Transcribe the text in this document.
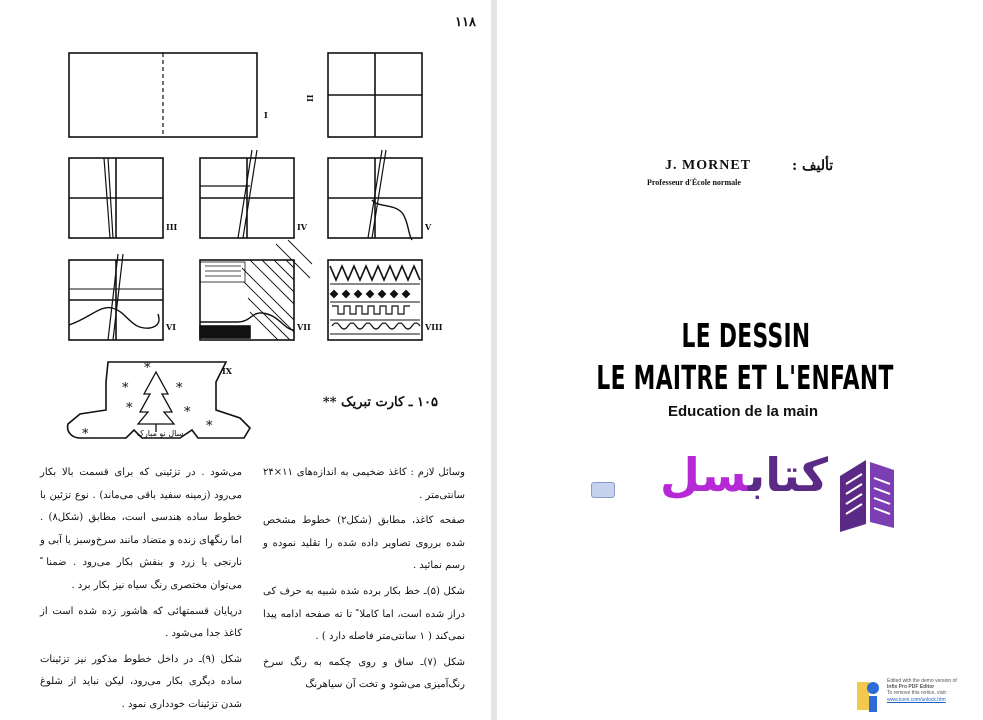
۱۱۸
I
II
III	IV	V
VI	VII	VIII
IX
*
*
*
*	*
*
*	سال نو مبارک
۱۰۵ ـ کارت تبریک **

وسائل لازم : کاغذ ضخیمی به اندازه‌های ۱۱×۲۴ سانتی‌متر .

صفحه کاغذ، مطابق (شکل۲) خطوط مشخص شده برروی تصاویر داده شده را تقلید نموده و رسم نمائید .

شکل (۵)ـ خط بکار برده شده شبیه به حرف کی دراز شده است، اما کاملا ً تا ته صفحه ادامه پیدا نمی‌کند ( ۱ سانتی‌متر فاصله دارد ) .

شکل (۷)ـ ساق و روی چکمه به رنگ سرخ رنگ‌آمیزی می‌شود و تخت آن سیاهرنگ

می‌شود . در تزئینی که برای قسمت بالا بکار می‌رود (زمینه سفید باقی می‌ماند) . نوع تزئین با خطوط ساده هندسی است، مطابق (شکل۸) . اما رنگهای زنده و متضاد مانند سرخ‌وسبز یا آبی و نارنجی یا زرد و بنفش بکار می‌رود . ضمنا ً می‌توان مختصری رنگ سیاه نیز بکار برد .

درپایان قسمتهائی که هاشور زده شده است از کاغذ جدا می‌شود .

شکل (۹)ـ در داخل خطوط مذکور نیز تزئینات ساده دیگری بکار می‌رود، لیکن نباید از شلوغ شدن تزئینات خودداری نمود .

تألیف :
J. MORNET
Professeur d'École normale
LE DESSIN
LE MAITRE ET L'ENFANT
Education de la main
کتابسل
Edited with the demo version of
Infix Pro PDF Editor
To remove this notice, visit:
www.iceni.com/unlock.htm
